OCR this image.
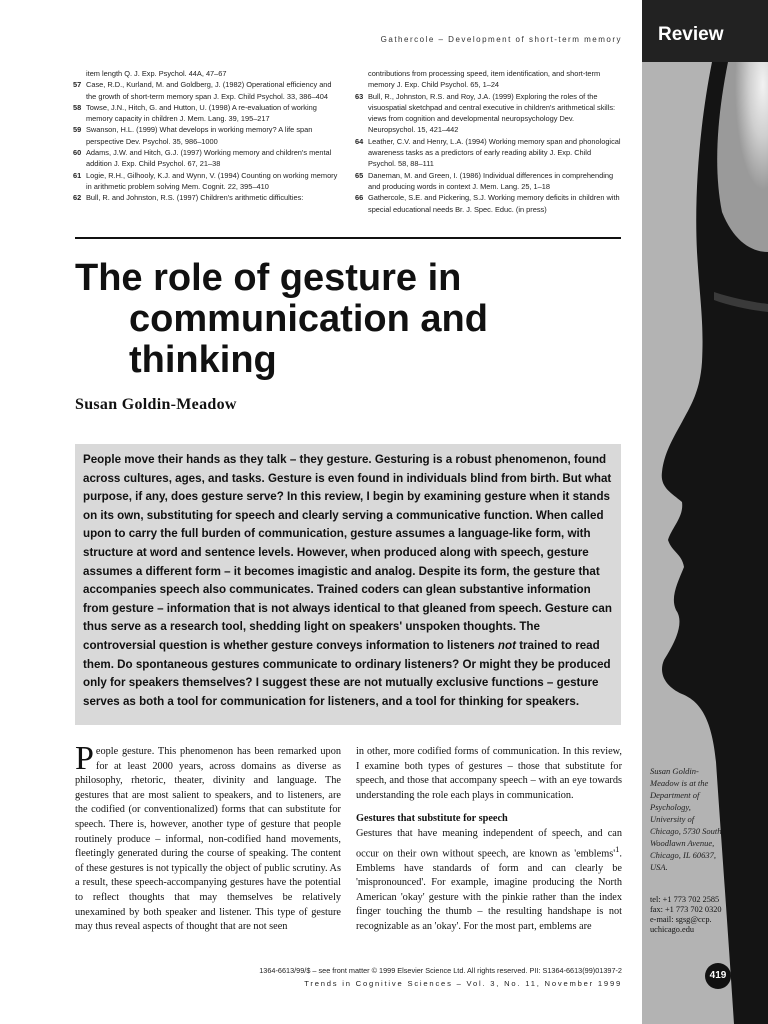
Gathercole – Development of short-term memory
item length Q. J. Exp. Psychol. 44A, 47–67
57 Case, R.D., Kurland, M. and Goldberg, J. (1982) Operational efficiency and the growth of short-term memory span J. Exp. Child Psychol. 33, 386–404
58 Towse, J.N., Hitch, G. and Hutton, U. (1998) A re-evaluation of working memory capacity in children J. Mem. Lang. 39, 195–217
59 Swanson, H.L. (1999) What develops in working memory? A life span perspective Dev. Psychol. 35, 986–1000
60 Adams, J.W. and Hitch, G.J. (1997) Working memory and children's mental addition J. Exp. Child Psychol. 67, 21–38
61 Logie, R.H., Gilhooly, K.J. and Wynn, V. (1994) Counting on working memory in arithmetic problem solving Mem. Cognit. 22, 395–410
62 Bull, R. and Johnston, R.S. (1997) Children's arithmetic difficulties:
contributions from processing speed, item identification, and short-term memory J. Exp. Child Psychol. 65, 1–24
63 Bull, R., Johnston, R.S. and Roy, J.A. (1999) Exploring the roles of the visuospatial sketchpad and central executive in children's arithmetical skills: views from cognition and developmental neuropsychology Dev. Neuropsychol. 15, 421–442
64 Leather, C.V. and Henry, L.A. (1994) Working memory span and phonological awareness tasks as a predictors of early reading ability J. Exp. Child Psychol. 58, 88–111
65 Daneman, M. and Green, I. (1986) Individual differences in comprehending and producing words in context J. Mem. Lang. 25, 1–18
66 Gathercole, S.E. and Pickering, S.J. Working memory deficits in children with special educational needs Br. J. Spec. Educ. (in press)
The role of gesture in
communication and
thinking
Susan Goldin-Meadow
People move their hands as they talk – they gesture. Gesturing is a robust phenomenon, found across cultures, ages, and tasks. Gesture is even found in individuals blind from birth. But what purpose, if any, does gesture serve? In this review, I begin by examining gesture when it stands on its own, substituting for speech and clearly serving a communicative function. When called upon to carry the full burden of communication, gesture assumes a language-like form, with structure at word and sentence levels. However, when produced along with speech, gesture assumes a different form – it becomes imagistic and analog. Despite its form, the gesture that accompanies speech also communicates. Trained coders can glean substantive information from gesture – information that is not always identical to that gleaned from speech. Gesture can thus serve as a research tool, shedding light on speakers' unspoken thoughts. The controversial question is whether gesture conveys information to listeners not trained to read them. Do spontaneous gestures communicate to ordinary listeners? Or might they be produced only for speakers themselves? I suggest these are not mutually exclusive functions – gesture serves as both a tool for communication for listeners, and a tool for thinking for speakers.
People gesture. This phenomenon has been remarked upon for at least 2000 years, across domains as diverse as philosophy, rhetoric, theater, divinity and language. The gestures that are most salient to speakers, and to listeners, are the codified (or conventionalized) forms that can substitute for speech. There is, however, another type of gesture that people routinely produce – informal, non-codified hand movements, fleetingly generated during the course of speaking. The content of these gestures is not typically the object of public scrutiny. As a result, these speech-accompanying gestures have the potential to reflect thoughts that may themselves be relatively unexamined by both speaker and listener. This type of gesture may thus reveal aspects of thought that are not seen

in other, more codified forms of communication. In this review, I examine both types of gestures – those that substitute for speech, and those that accompany speech – with an eye towards understanding the role each plays in communication.

Gestures that substitute for speech

Gestures that have meaning independent of speech, and can occur on their own without speech, are known as '$emblems'^1$. Emblems have standards of form and can clearly be 'mispronounced'. For example, imagine producing the North American 'okay' gesture with the pinkie rather than the index finger touching the thumb – the resulting handshape is not recognizable as an 'okay'. For the most part, emblems are

1364-6613/99/$ – see front matter © 1999 Elsevier Science Ltd. All rights reserved. PII: S1364-6613(99)01397-2
Trends in Cognitive Sciences – Vol. 3, No. 11, November 1999
Review
Susan Goldin-
Meadow is at the
Department of
Psychology,
University of
Chicago, 5730 South
Woodlawn Avenue,
Chicago, IL 60637,
USA.
tel: +1 773 702 2585
fax: +1 773 702 0320
e-mail: sgsg@ccp.
uchicago.edu
419
